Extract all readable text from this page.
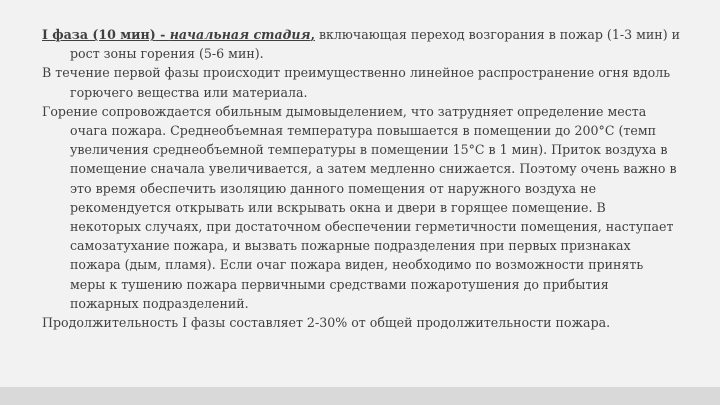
I фаза (10 мин) - начальная стадия, включающая переход возгорания в пожар (1-3 мин) и рост зоны горения (5-6 мин).

В течение первой фазы происходит преимущественно линейное распространение огня вдоль горючего вещества или материала.

Горение сопровождается обильным дымовыделением, что затрудняет определение места очага пожара. Среднеобъемная температура повышается в помещении до 200°С (темп увеличения среднеобъемной температуры в помещении 15°С в 1 мин). Приток воздуха в помещение сначала увеличивается, а затем медленно снижается. Поэтому очень важно в это время обеспечить изоляцию данного помещения от наружного воздуха не рекомендуется открывать или вскрывать окна и двери в горящее помещение. В некоторых случаях, при достаточном обеспечении герметичности помещения, наступает самозатухание пожара, и вызвать пожарные подразделения при первых признаках пожара (дым, пламя). Если очаг пожара виден, необходимо по возможности принять меры к тушению пожара первичными средствами пожаротушения до прибытия пожарных подразделений.

Продолжительность I фазы составляет 2-30% от общей продолжительности пожара.
